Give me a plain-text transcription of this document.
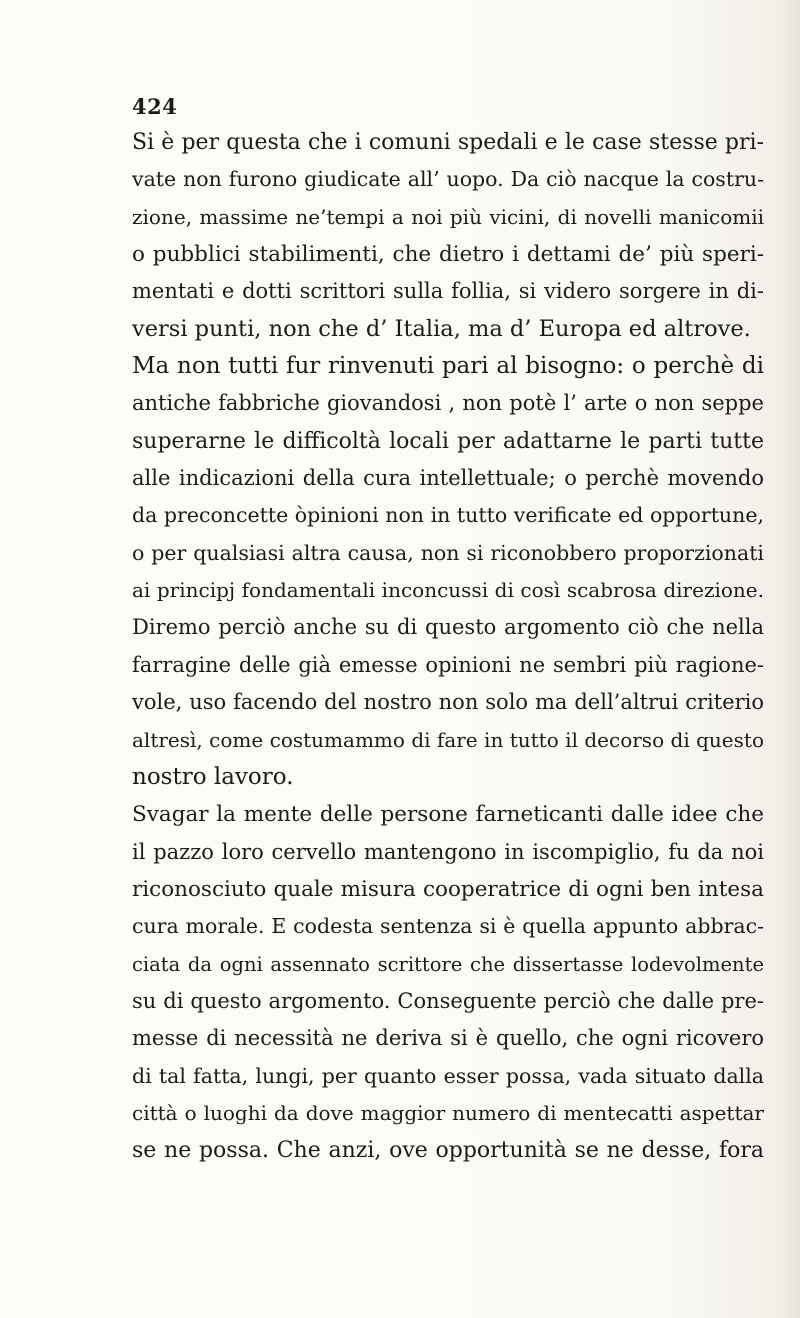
424
Si è per questa che i comuni spedali e le case stesse pri-
vate non furono giudicate all’ uopo. Da ciò nacque la costru-
zione, massime ne’tempi a noi più vicini, di novelli manicomii
o pubblici stabilimenti, che dietro i dettami de’ più speri-
mentati e dotti scrittori sulla follia, si videro sorgere in di-
versi punti, non che d’ Italia, ma d’ Europa ed altrove.
Ma non tutti fur rinvenuti pari al bisogno: o perchè di
antiche fabbriche giovandosi , non potè l’ arte o non seppe
superarne le difficoltà locali per adattarne le parti tutte
alle indicazioni della cura intellettuale; o perchè movendo
da preconcette òpinioni non in tutto verificate ed opportune,
o per qualsiasi altra causa, non si riconobbero proporzionati
ai principj fondamentali inconcussi di così scabrosa direzione.
Diremo perciò anche su di questo argomento ciò che nella
farragine delle già emesse opinioni ne sembri più ragione-
vole, uso facendo del nostro non solo ma dell’altrui criterio
altresì, come costumammo di fare in tutto il decorso di questo
nostro lavoro.
Svagar la mente delle persone farneticanti dalle idee che
il pazzo loro cervello mantengono in iscompiglio, fu da noi
riconosciuto quale misura cooperatrice di ogni ben intesa
cura morale. E codesta sentenza si è quella appunto abbrac-
ciata da ogni assennato scrittore che dissertasse lodevolmente
su di questo argomento. Conseguente perciò che dalle pre-
messe di necessità ne deriva si è quello, che ogni ricovero
di tal fatta, lungi, per quanto esser possa, vada situato dalla
città o luoghi da dove maggior numero di mentecatti aspettar
se ne possa. Che anzi, ove opportunità se ne desse, fora
